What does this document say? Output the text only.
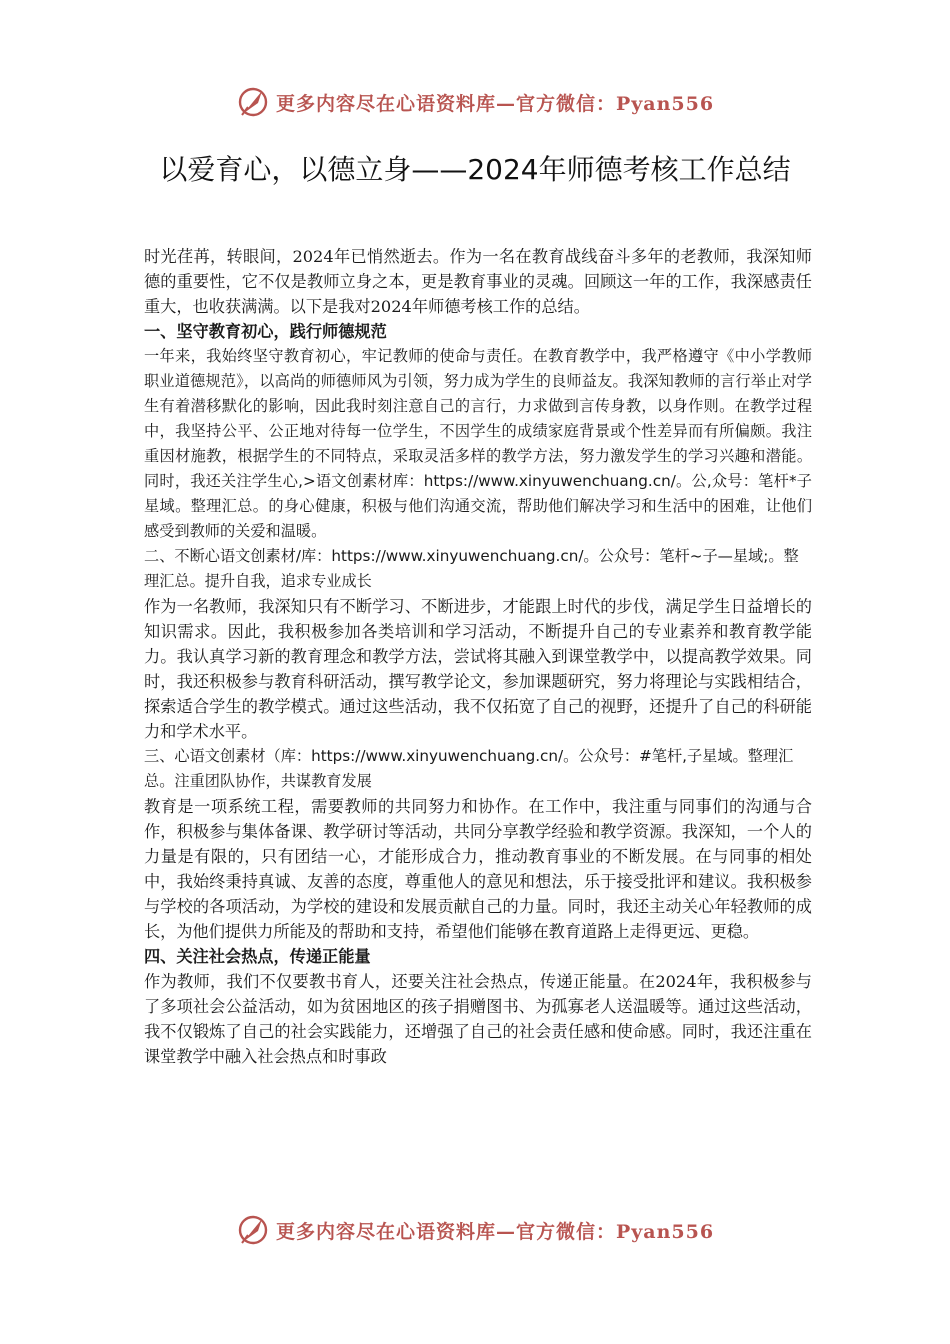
更多内容尽在心语资料库—官方微信：Pyan556
以爱育心，以德立身——2024年师德考核工作总结

时光荏苒，转眼间，2024年已悄然逝去。作为一名在教育战线奋斗多年的老教师，我深知师德的重要性，它不仅是教师立身之本，更是教育事业的灵魂。回顾这一年的工作，我深感责任重大，也收获满满。以下是我对2024年师德考核工作的总结。

一、坚守教育初心，践行师德规范

一年来，我始终坚守教育初心，牢记教师的使命与责任。在教育教学中，我严格遵守《中小学教师职业道德规范》，以高尚的师德师风为引领，努力成为学生的良师益友。我深知教师的言行举止对学生有着潜移默化的影响，因此我时刻注意自己的言行，力求做到言传身教，以身作则。在教学过程中，我坚持公平、公正地对待每一位学生，不因学生的成绩家庭背景或个性差异而有所偏颇。我注重因材施教，根据学生的不同特点，采取灵活多样的教学方法，努力激发学生的学习兴趣和潜能。同时，我还关注学生心,>语文创素材库：https://www.xinyuwenchuang.cn/。公,众号：笔杆*子星域。整理汇总。的身心健康，积极与他们沟通交流，帮助他们解决学习和生活中的困难，让他们感受到教师的关爱和温暖。

二、不断心语文创素材/库：https://www.xinyuwenchuang.cn/。公众号：笔杆~子—星域;。整理汇总。提升自我，追求专业成长

作为一名教师，我深知只有不断学习、不断进步，才能跟上时代的步伐，满足学生日益增长的知识需求。因此，我积极参加各类培训和学习活动，不断提升自己的专业素养和教育教学能力。我认真学习新的教育理念和教学方法，尝试将其融入到课堂教学中，以提高教学效果。同时，我还积极参与教育科研活动，撰写教学论文，参加课题研究，努力将理论与实践相结合，探索适合学生的教学模式。通过这些活动，我不仅拓宽了自己的视野，还提升了自己的科研能力和学术水平。

三、心语文创素材（库：https://www.xinyuwenchuang.cn/。公众号：#笔杆,子星域。整理汇总。注重团队协作，共谋教育发展

教育是一项系统工程，需要教师的共同努力和协作。在工作中，我注重与同事们的沟通与合作，积极参与集体备课、教学研讨等活动，共同分享教学经验和教学资源。我深知，一个人的力量是有限的，只有团结一心，才能形成合力，推动教育事业的不断发展。在与同事的相处中，我始终秉持真诚、友善的态度，尊重他人的意见和想法，乐于接受批评和建议。我积极参与学校的各项活动，为学校的建设和发展贡献自己的力量。同时，我还主动关心年轻教师的成长，为他们提供力所能及的帮助和支持，希望他们能够在教育道路上走得更远、更稳。

四、关注社会热点，传递正能量

作为教师，我们不仅要教书育人，还要关注社会热点，传递正能量。在2024年，我积极参与了多项社会公益活动，如为贫困地区的孩子捐赠图书、为孤寡老人送温暖等。通过这些活动，我不仅锻炼了自己的社会实践能力，还增强了自己的社会责任感和使命感。同时，我还注重在课堂教学中融入社会热点和时事政

更多内容尽在心语资料库—官方微信：Pyan556
